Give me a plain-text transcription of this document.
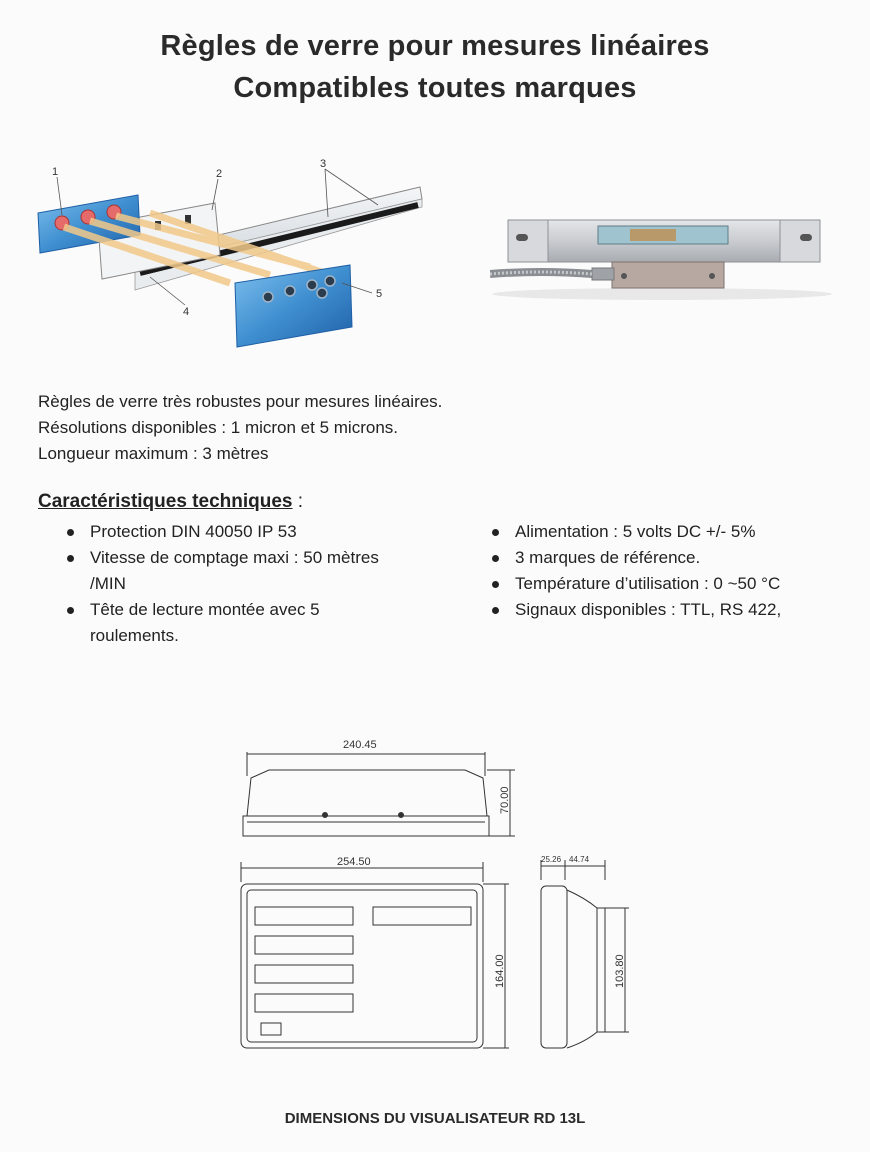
Règles de verre pour mesures linéaires
Compatibles toutes marques
1	2
3
4
5
Règles de verre très robustes pour mesures linéaires.
Résolutions disponibles : 1 micron et 5 microns.
Longueur maximum : 3 mètres
Caractéristiques techniques :
Protection DIN 40050 IP 53
Vitesse de comptage maxi : 50 mètres /MIN
Tête de lecture montée avec 5 roulements.
Alimentation : 5 volts DC +/- 5%
3 marques de référence.
Température d’utilisation : 0 ~50 °C
Signaux disponibles : TTL, RS 422,
240.45
70.00
254.50
164.00
25.26 44.74
103.80
DIMENSIONS DU VISUALISATEUR RD 13L
